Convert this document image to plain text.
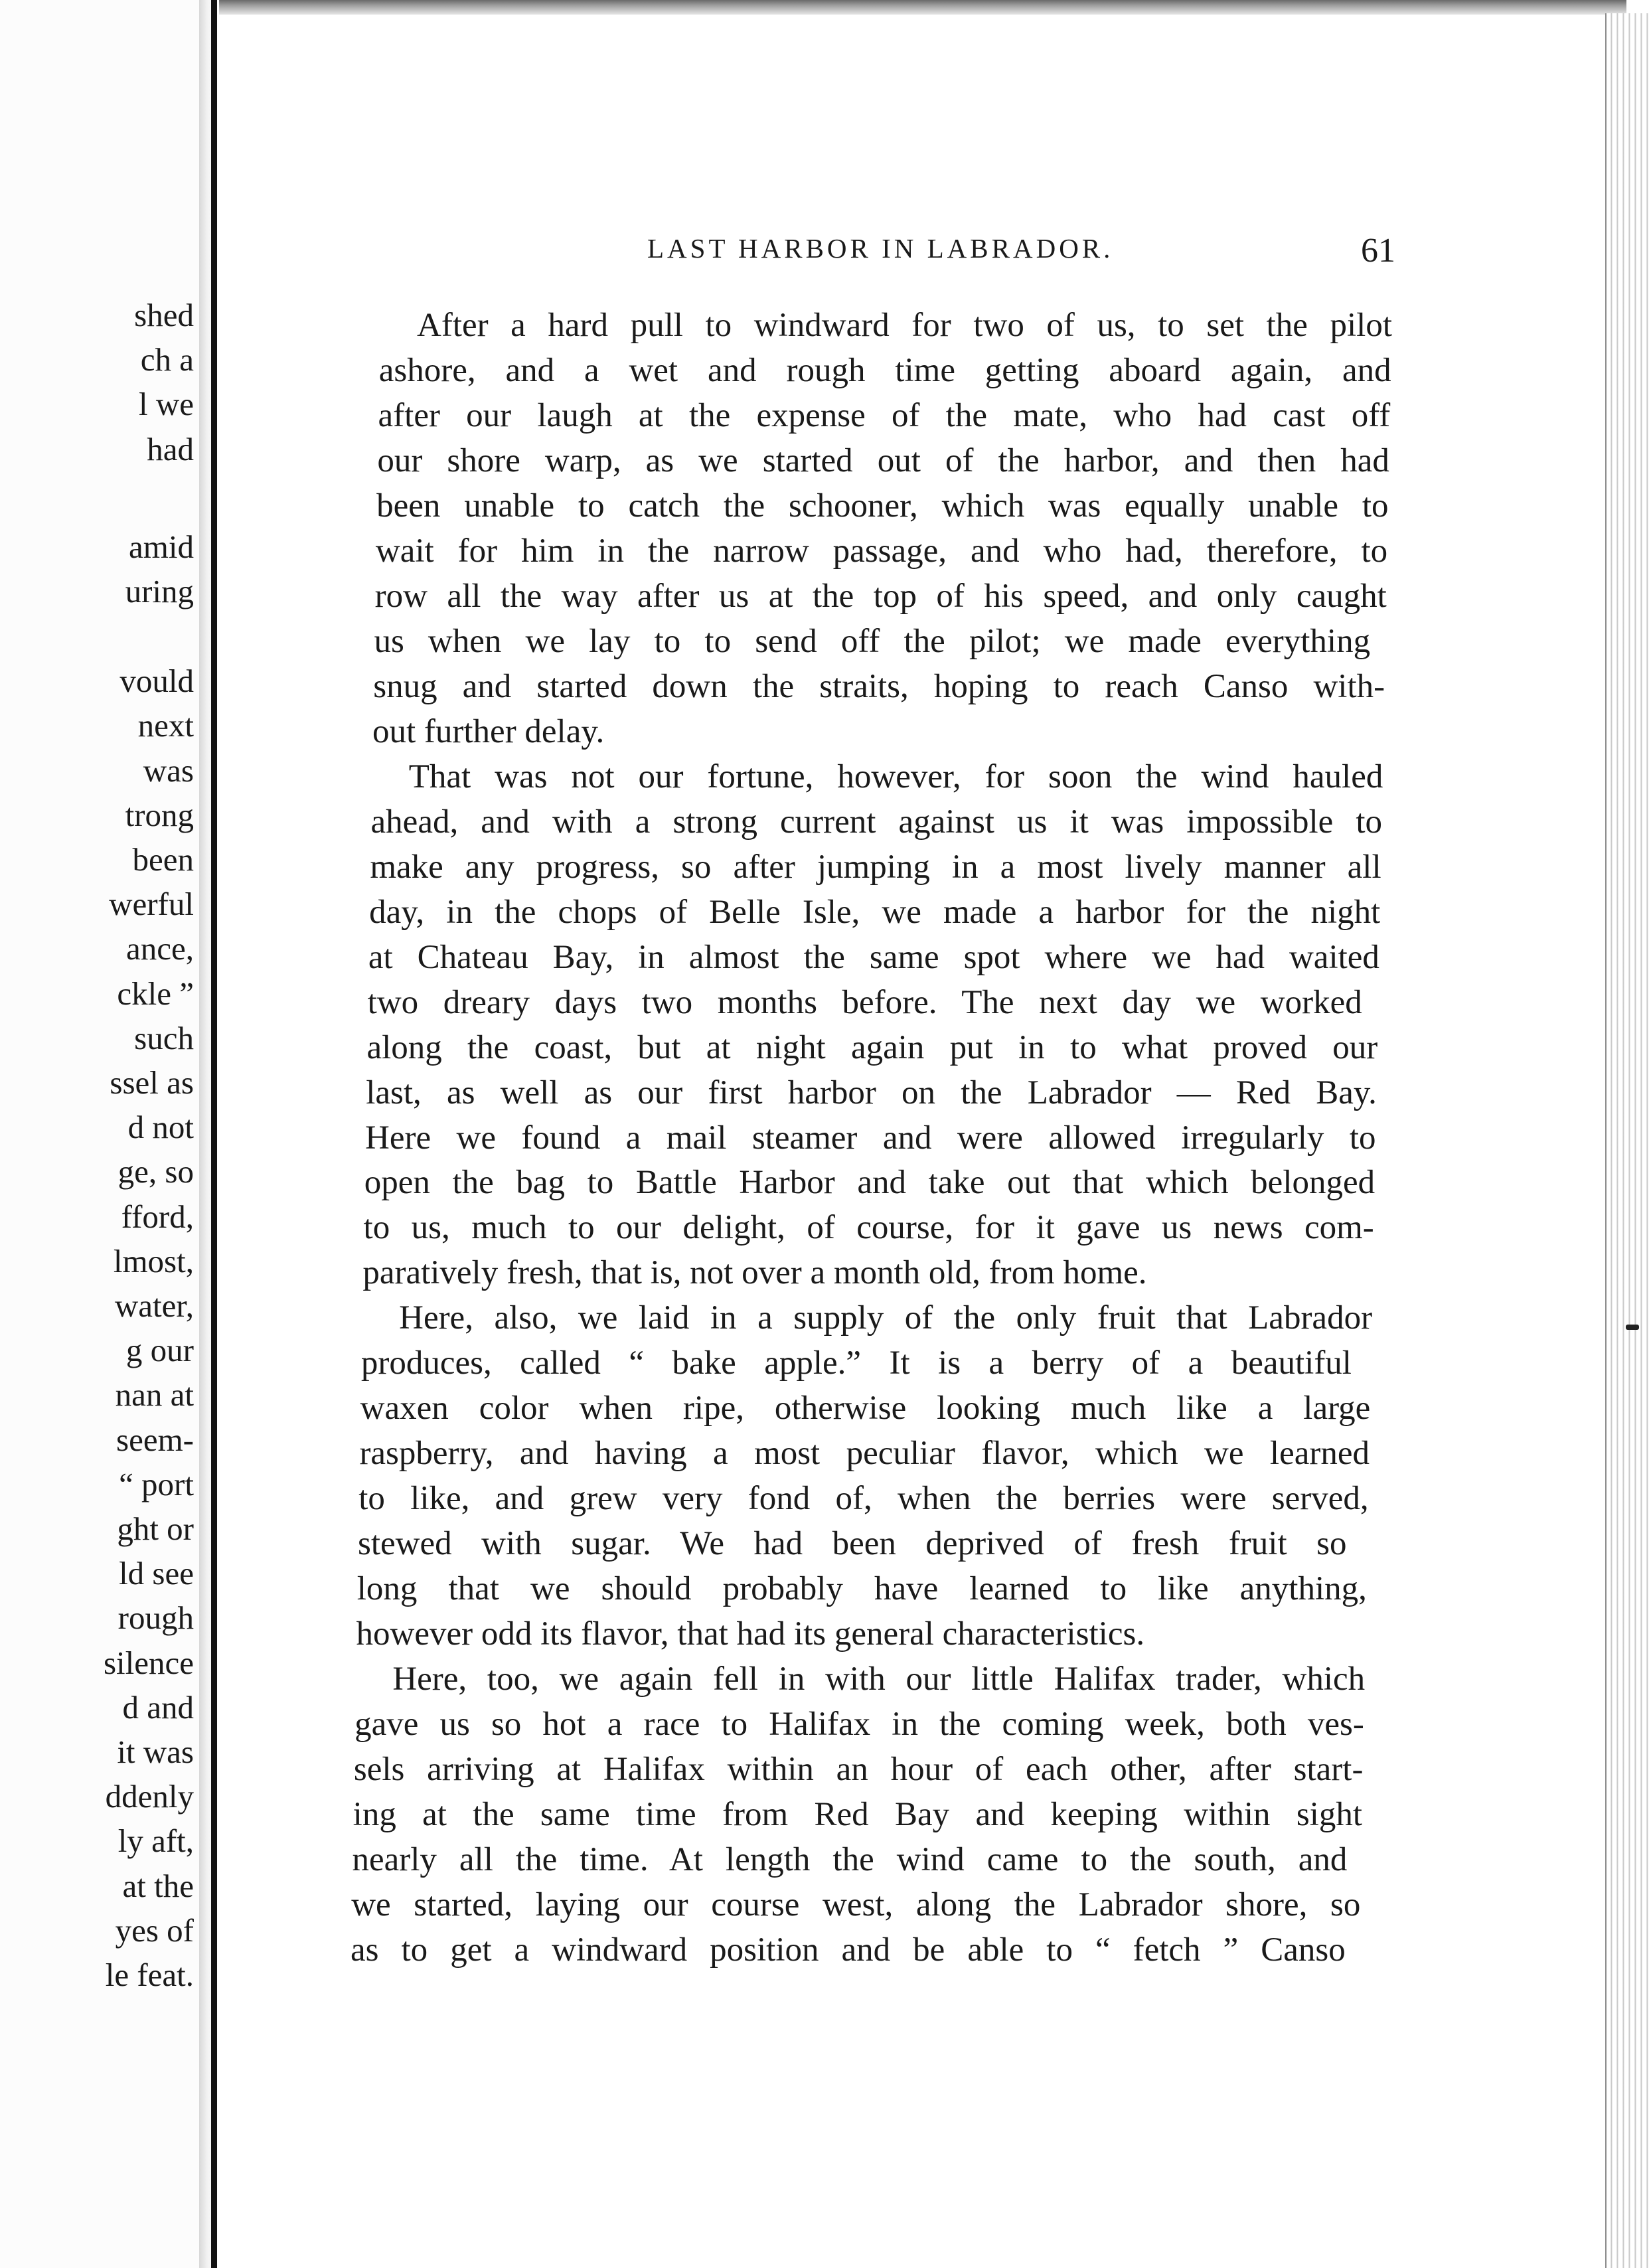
shed
ch a
l we
had
amid
uring
vould
next
was
trong
been
werful
ance,
ckle ”
such
ssel as
d not
ge, so
fford,
lmost,
water,
g our
nan at
seem-
“ port
ght or
ld see
rough
silence
d and
it was
ddenly
ly aft,
at the
yes of
le feat.
LAST HARBOR IN LABRADOR.	61
After a hard pull to windward for two of us, to set the pilot
ashore, and a wet and rough time getting aboard again, and
after our laugh at the expense of the mate, who had cast off
our shore warp, as we started out of the harbor, and then had
been unable to catch the schooner, which was equally unable to
wait for him in the narrow passage, and who had, therefore, to
row all the way after us at the top of his speed, and only caught
us when we lay to to send off the pilot; we made everything
snug and started down the straits, hoping to reach Canso with-
out further delay.
That was not our fortune, however, for soon the wind hauled
ahead, and with a strong current against us it was impossible to
make any progress, so after jumping in a most lively manner all
day, in the chops of Belle Isle, we made a harbor for the night
at Chateau Bay, in almost the same spot where we had waited
two dreary days two months before. The next day we worked
along the coast, but at night again put in to what proved our
last, as well as our first harbor on the Labrador — Red Bay.
Here we found a mail steamer and were allowed irregularly to
open the bag to Battle Harbor and take out that which belonged
to us, much to our delight, of course, for it gave us news com-
paratively fresh, that is, not over a month old, from home.
Here, also, we laid in a supply of the only fruit that Labrador
produces, called “ bake apple.” It is a berry of a beautiful
waxen color when ripe, otherwise looking much like a large
raspberry, and having a most peculiar flavor, which we learned
to like, and grew very fond of, when the berries were served,
stewed with sugar. We had been deprived of fresh fruit so
long that we should probably have learned to like anything,
however odd its flavor, that had its general characteristics.
Here, too, we again fell in with our little Halifax trader, which
gave us so hot a race to Halifax in the coming week, both ves-
sels arriving at Halifax within an hour of each other, after start-
ing at the same time from Red Bay and keeping within sight
nearly all the time. At length the wind came to the south, and
we started, laying our course west, along the Labrador shore, so
as to get a windward position and be able to “ fetch ” Canso
